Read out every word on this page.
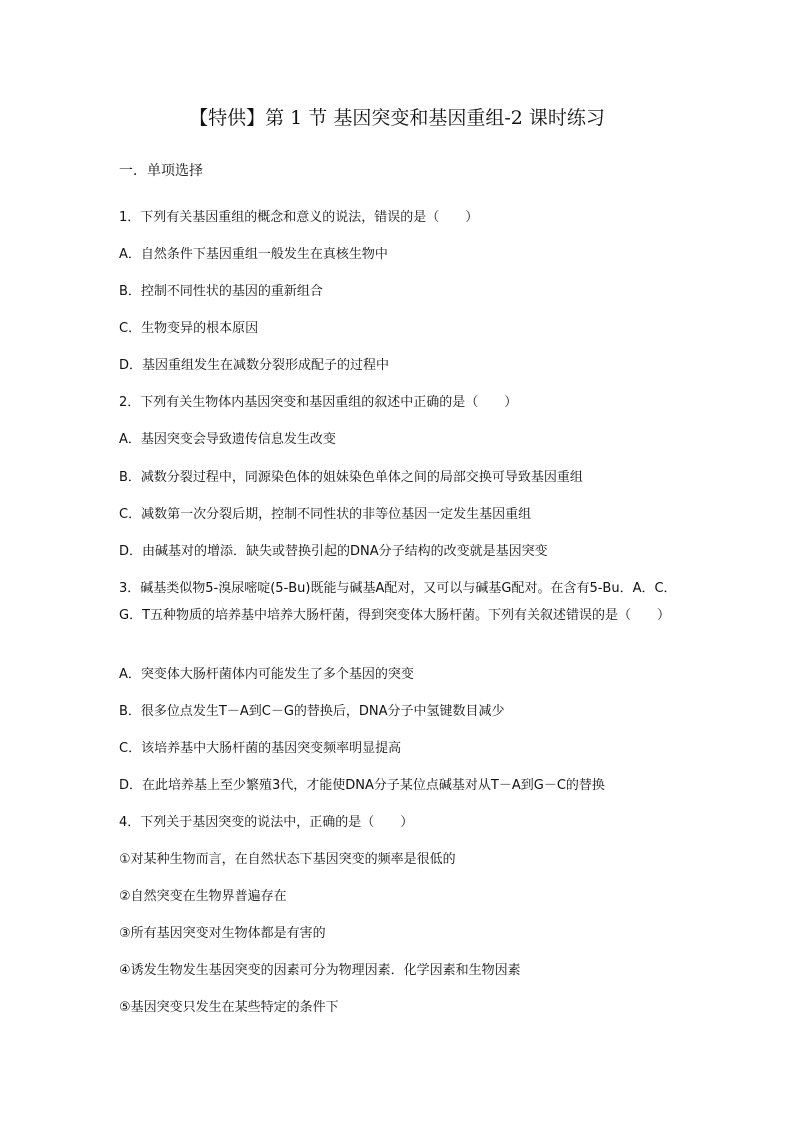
【特供】第 1 节 基因突变和基因重组-2 课时练习
一．单项选择
1．下列有关基因重组的概念和意义的说法，错误的是（　　）
A．自然条件下基因重组一般发生在真核生物中
B．控制不同性状的基因的重新组合
C．生物变异的根本原因
D．基因重组发生在减数分裂形成配子的过程中
2．下列有关生物体内基因突变和基因重组的叙述中正确的是（　　）
A．基因突变会导致遗传信息发生改变
B．减数分裂过程中，同源染色体的姐妹染色单体之间的局部交换可导致基因重组
C．减数第一次分裂后期，控制不同性状的非等位基因一定发生基因重组
D．由碱基对的增添．缺失或替换引起的DNA分子结构的改变就是基因突变
3．碱基类似物5-溴尿嘧啶(5-Bu)既能与碱基A配对，又可以与碱基G配对。在含有5-Bu．A．C．G．T五种物质的培养基中培养大肠杆菌，得到突变体大肠杆菌。下列有关叙述错误的是（　　）
A．突变体大肠杆菌体内可能发生了多个基因的突变
B．很多位点发生T－A到C－G的替换后，DNA分子中氢键数目减少
C．该培养基中大肠杆菌的基因突变频率明显提高
D．在此培养基上至少繁殖3代，才能使DNA分子某位点碱基对从T－A到G－C的替换
4．下列关于基因突变的说法中，正确的是（　　）
①对某种生物而言，在自然状态下基因突变的频率是很低的
②自然突变在生物界普遍存在
③所有基因突变对生物体都是有害的
④诱发生物发生基因突变的因素可分为物理因素．化学因素和生物因素
⑤基因突变只发生在某些特定的条件下
